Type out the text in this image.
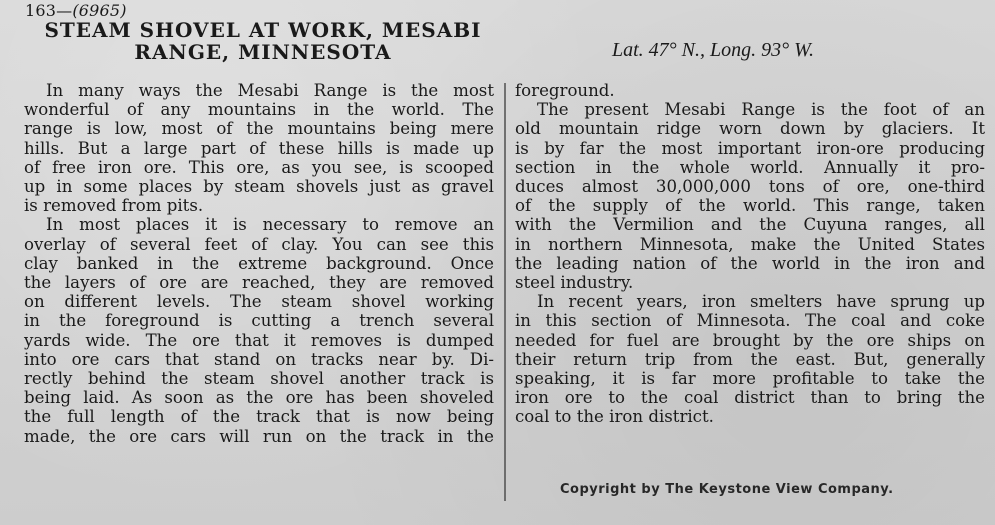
163—(6965)
STEAM SHOVEL AT WORK, MESABI
RANGE, MINNESOTA	Lat. 47° N., Long. 93° W.
In many ways the Mesabi Range is the most
wonderful of any mountains in the world. The
range is low, most of the mountains being mere
hills. But a large part of these hills is made up
of free iron ore. This ore, as you see, is scooped
up in some places by steam shovels just as gravel
is removed from pits.
In most places it is necessary to remove an
overlay of several feet of clay. You can see this
clay banked in the extreme background. Once
the layers of ore are reached, they are removed
on different levels. The steam shovel working
in the foreground is cutting a trench several
yards wide. The ore that it removes is dumped
into ore cars that stand on tracks near by. Di-
rectly behind the steam shovel another track is
being laid. As soon as the ore has been shoveled
the full length of the track that is now being
made, the ore cars will run on the track in the
foreground.
The present Mesabi Range is the foot of an
old mountain ridge worn down by glaciers. It
is by far the most important iron-ore producing
section in the whole world. Annually it pro-
duces almost 30,000,000 tons of ore, one-third
of the supply of the world. This range, taken
with the Vermilion and the Cuyuna ranges, all
in northern Minnesota, make the United States
the leading nation of the world in the iron and
steel industry.
In recent years, iron smelters have sprung up
in this section of Minnesota. The coal and coke
needed for fuel are brought by the ore ships on
their return trip from the east. But, generally
speaking, it is far more profitable to take the
iron ore to the coal district than to bring the
coal to the iron district.
Copyright by The Keystone View Company.
